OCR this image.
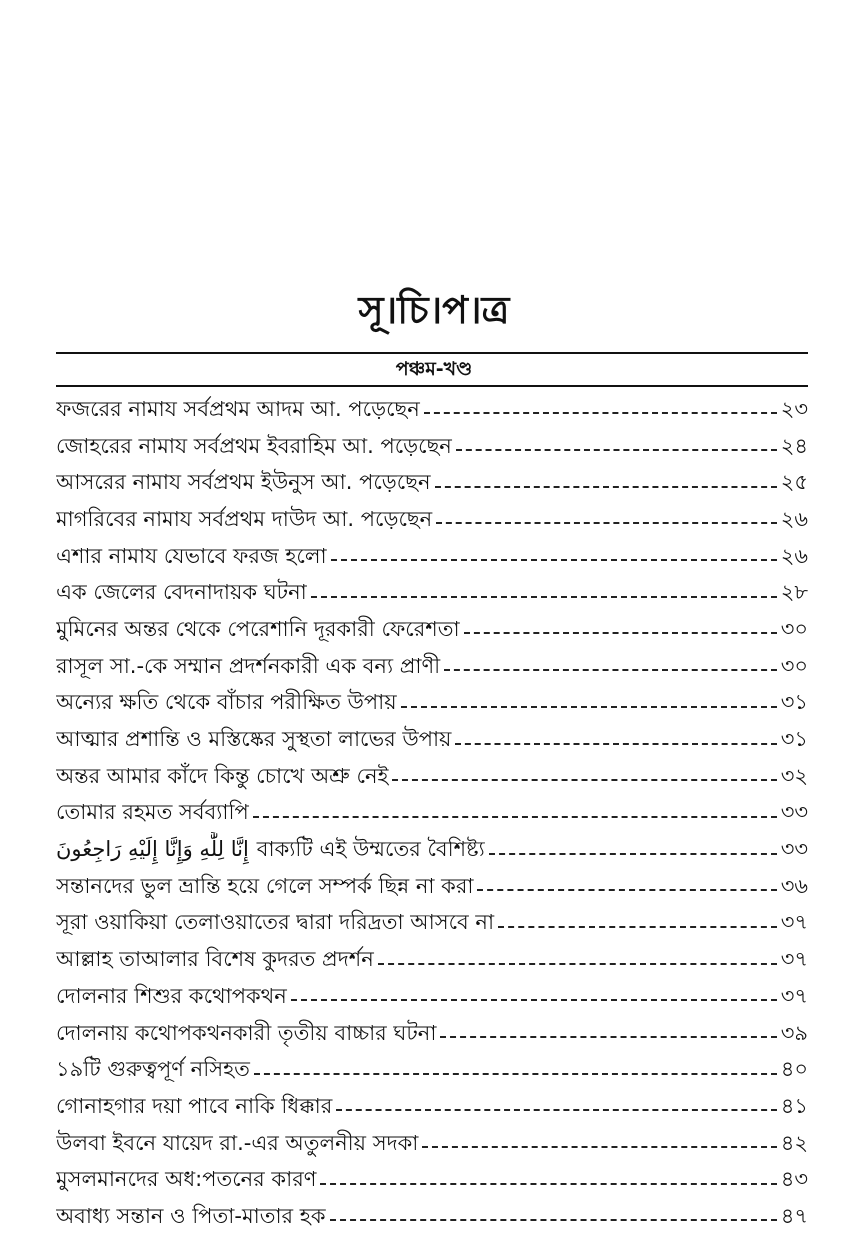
সূ।চি।প।ত্র
পঞ্চম-খণ্ড
ফজরের নামায সর্বপ্রথম আদম আ. পড়েছেন	২৩
জোহরের নামায সর্বপ্রথম ইবরাহিম আ. পড়েছেন	২৪
আসরের নামায সর্বপ্রথম ইউনুস আ. পড়েছেন	২৫
মাগরিবের নামায সর্বপ্রথম দাউদ আ. পড়েছেন	২৬
এশার নামায যেভাবে ফরজ হলো	২৬
এক জেলের বেদনাদায়ক ঘটনা	২৮
মুমিনের অন্তর থেকে পেরেশানি দূরকারী ফেরেশতা	৩০
রাসূল সা.-কে সম্মান প্রদর্শনকারী এক বন্য প্রাণী	৩০
অন্যের ক্ষতি থেকে বাঁচার পরীক্ষিত উপায়	৩১
আত্মার প্রশান্তি ও মস্তিষ্কের সুস্থতা লাভের উপায়	৩১
অন্তর আমার কাঁদে কিন্তু চোখে অশ্রু নেই	৩২
তোমার রহমত সর্বব্যাপি	৩৩
إِنَّا لِلَّٰهِ وَإِنَّا إِلَيْهِ رَاجِعُونَ বাক্যটি এই উম্মতের বৈশিষ্ট্য	৩৩
সন্তানদের ভুল ভ্রান্তি হয়ে গেলে সম্পর্ক ছিন্ন না করা	৩৬
সূরা ওয়াকিয়া তেলাওয়াতের দ্বারা দরিদ্রতা আসবে না	৩৭
আল্লাহ তাআলার বিশেষ কুদরত প্রদর্শন	৩৭
দোলনার শিশুর কথোপকথন	৩৭
দোলনায় কথোপকথনকারী তৃতীয় বাচ্চার ঘটনা	৩৯
১৯টি গুরুত্বপূর্ণ নসিহত	৪০
গোনাহগার দয়া পাবে নাকি ধিক্কার	৪১
উলবা ইবনে যায়েদ রা.-এর অতুলনীয় সদকা	৪২
মুসলমানদের অধ:পতনের কারণ	৪৩
অবাধ্য সন্তান ও পিতা-মাতার হক	৪৭
